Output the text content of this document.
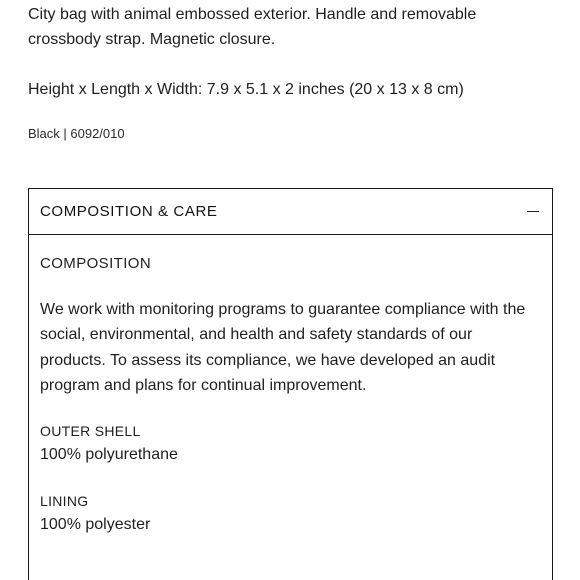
City bag with animal embossed exterior. Handle and removable

crossbody strap. Magnetic closure.

Height x Length x Width: 7.9 x 5.1 x 2 inches (20 x 13 x 8 cm)
Black | 6092/010
COMPOSITION & CARE
COMPOSITION
We work with monitoring programs to guarantee compliance with the
social, environmental, and health and safety standards of our
products. To assess its compliance, we have developed an audit
program and plans for continual improvement.
OUTER SHELL
100% polyurethane
LINING
100% polyester
